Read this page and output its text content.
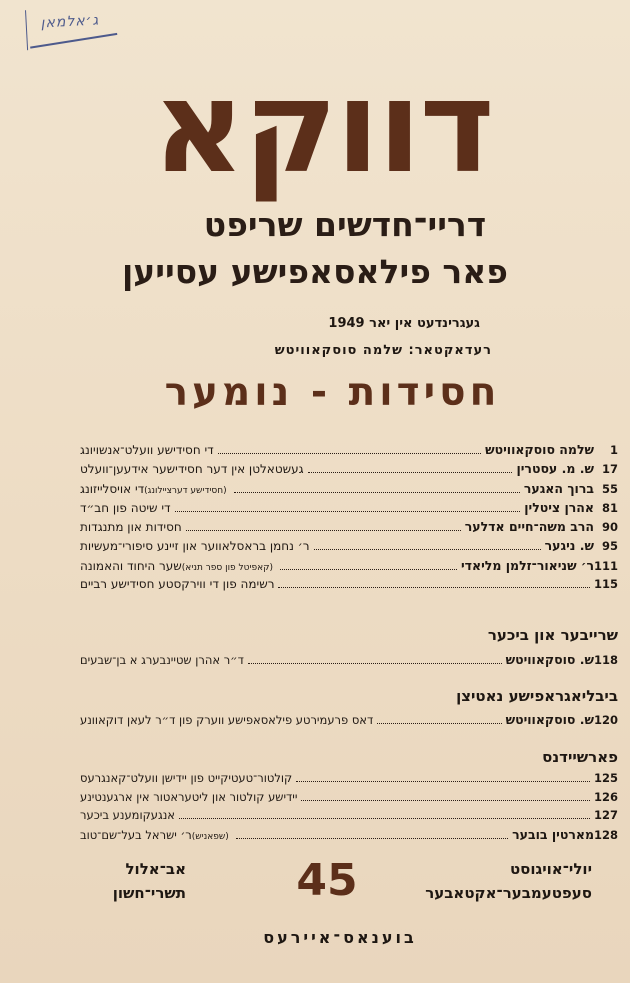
ג׳אלמאן
דווקא
דריי־חדשים שריפט
פאר פילאסאפישע עסייען
געגרינדעט אין יאר 1949
רעדאקטאר: שלמה סוסקאוויטש
חסידות - נומער
1
שלמה סוסקאוויטש
די חסידישע וועלט־אנשויונג
17
ש. מ. עסטרין
געשטאלטן אין דער חסידישער אידעען־וועלט
55
ברוך האגער
(חסידישע דערציילונג)
די אויסלייזונג
81
אהרן ציטלין
די שיטה פון חב״ד
90
הרב משה־חיים אדלער
חסידות און מתנגדות
95
ש. ניגער
ר׳ נחמן בראסלאווער און זיינע סיפורי־מעשיות
111
ר׳ שניאור־זלמן מליאדי
(קאפיטל פון ספר תניא)
שער היחוד והאמונה
115
רשימה פון די ווירקסטע חסידישע רביים
שרייבער און ביכער
118
ש. סוסקאוויטש
ד״ר אהרן שטיינבערג א בן־שבעים
ביבליאגראפישע נאטיצן
120
ש. סוסקאוויטש
דאס פרעמירטע פילאסאפישע ווערק פון ד״ר לעאן דוקאוונע
פארשיידנס
125
קולטור־טעטיקייט פון יידישן וועלט־קאנגרעס
126
יידישע קולטור און ליטעראטור אין ארגענטינע
127
אנגעקומענע ביכער
128
מארטין בובער
(שפאניש)
ר׳ ישראל בעל־שם־טוב
יולי־אויגוסט
סעפטעמבער־אקטאבער
45
אב־אלול
תשרי־חשון
בוענאס־איירעס
